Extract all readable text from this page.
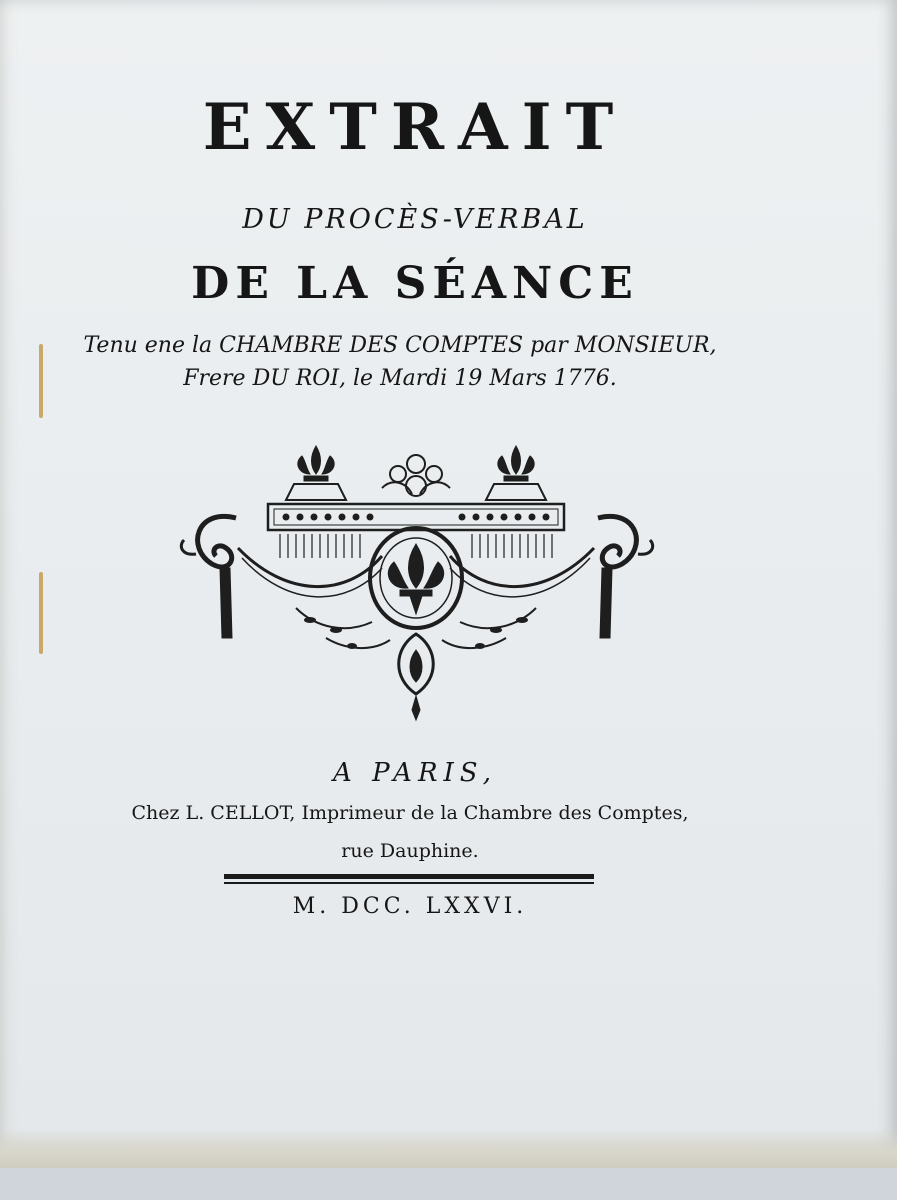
EXTRAIT
DU PROCÈS-VERBAL
DE LA SÉANCE
Tenu ene la CHAMBRE DES COMPTES par MONSIEUR,
Frere DU ROI, le Mardi 19 Mars 1776.
A PARIS,
Chez L. CELLOT, Imprimeur de la Chambre des Comptes,
rue Dauphine.
M. DCC. LXXVI.
